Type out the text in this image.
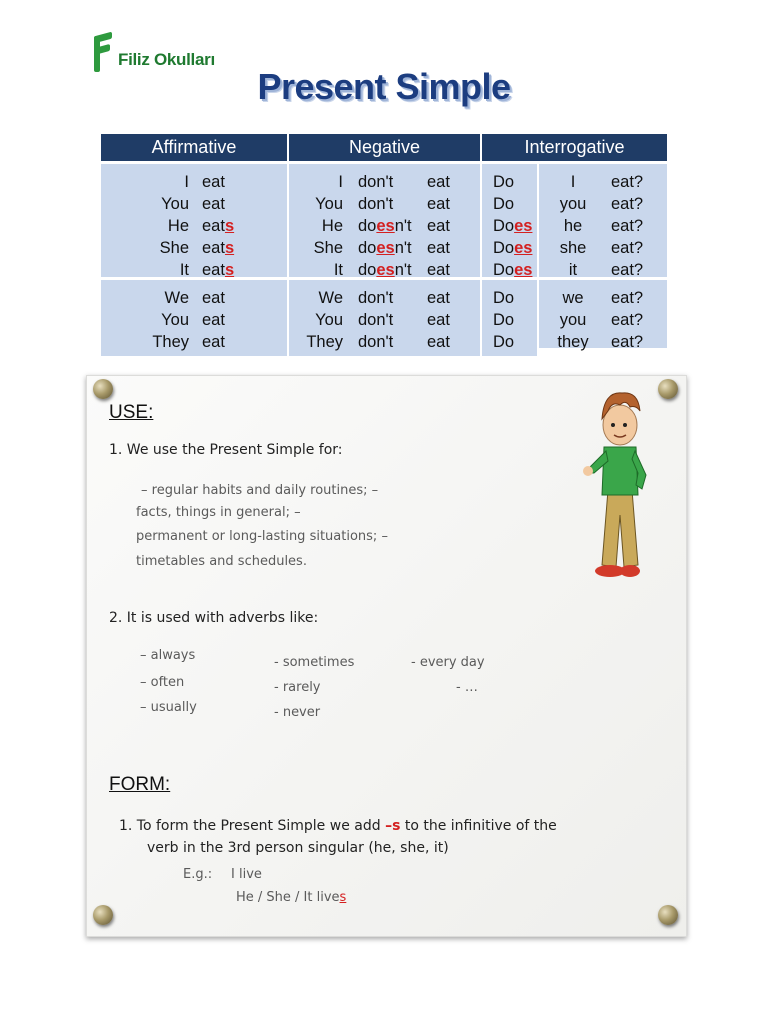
Filiz Okulları
Present Simple
Affirmative	Negative	Interrogative
I
You
He
She
It
We
You
They
eat
eat
eats
eats
eats
eat
eat
eat
I
You
He
She
It
We
You
They
don't
don't
doesn't
doesn't
doesn't
don't
don't
don't
eat
eat
eat
eat
eat
eat
eat
eat
Do
Do
Does
Does
Does
Do
Do
Do
I
you
he
she
it
we
you
they
eat?
eat?
eat?
eat?
eat?
eat?
eat?
eat?
USE:
1. We use the Present Simple for:
– regular habits and daily routines; –
facts, things in general; –
permanent or long-lasting situations; –
timetables and schedules.
2. It is used with adverbs like:
– always
– often
– usually
- sometimes
- rarely
- never
- every day
- …
FORM:
1. To form the Present Simple we add –s to the infinitive of the
verb in the 3rd person singular (he, she, it)
E.g.: I live
He / She / It lives
